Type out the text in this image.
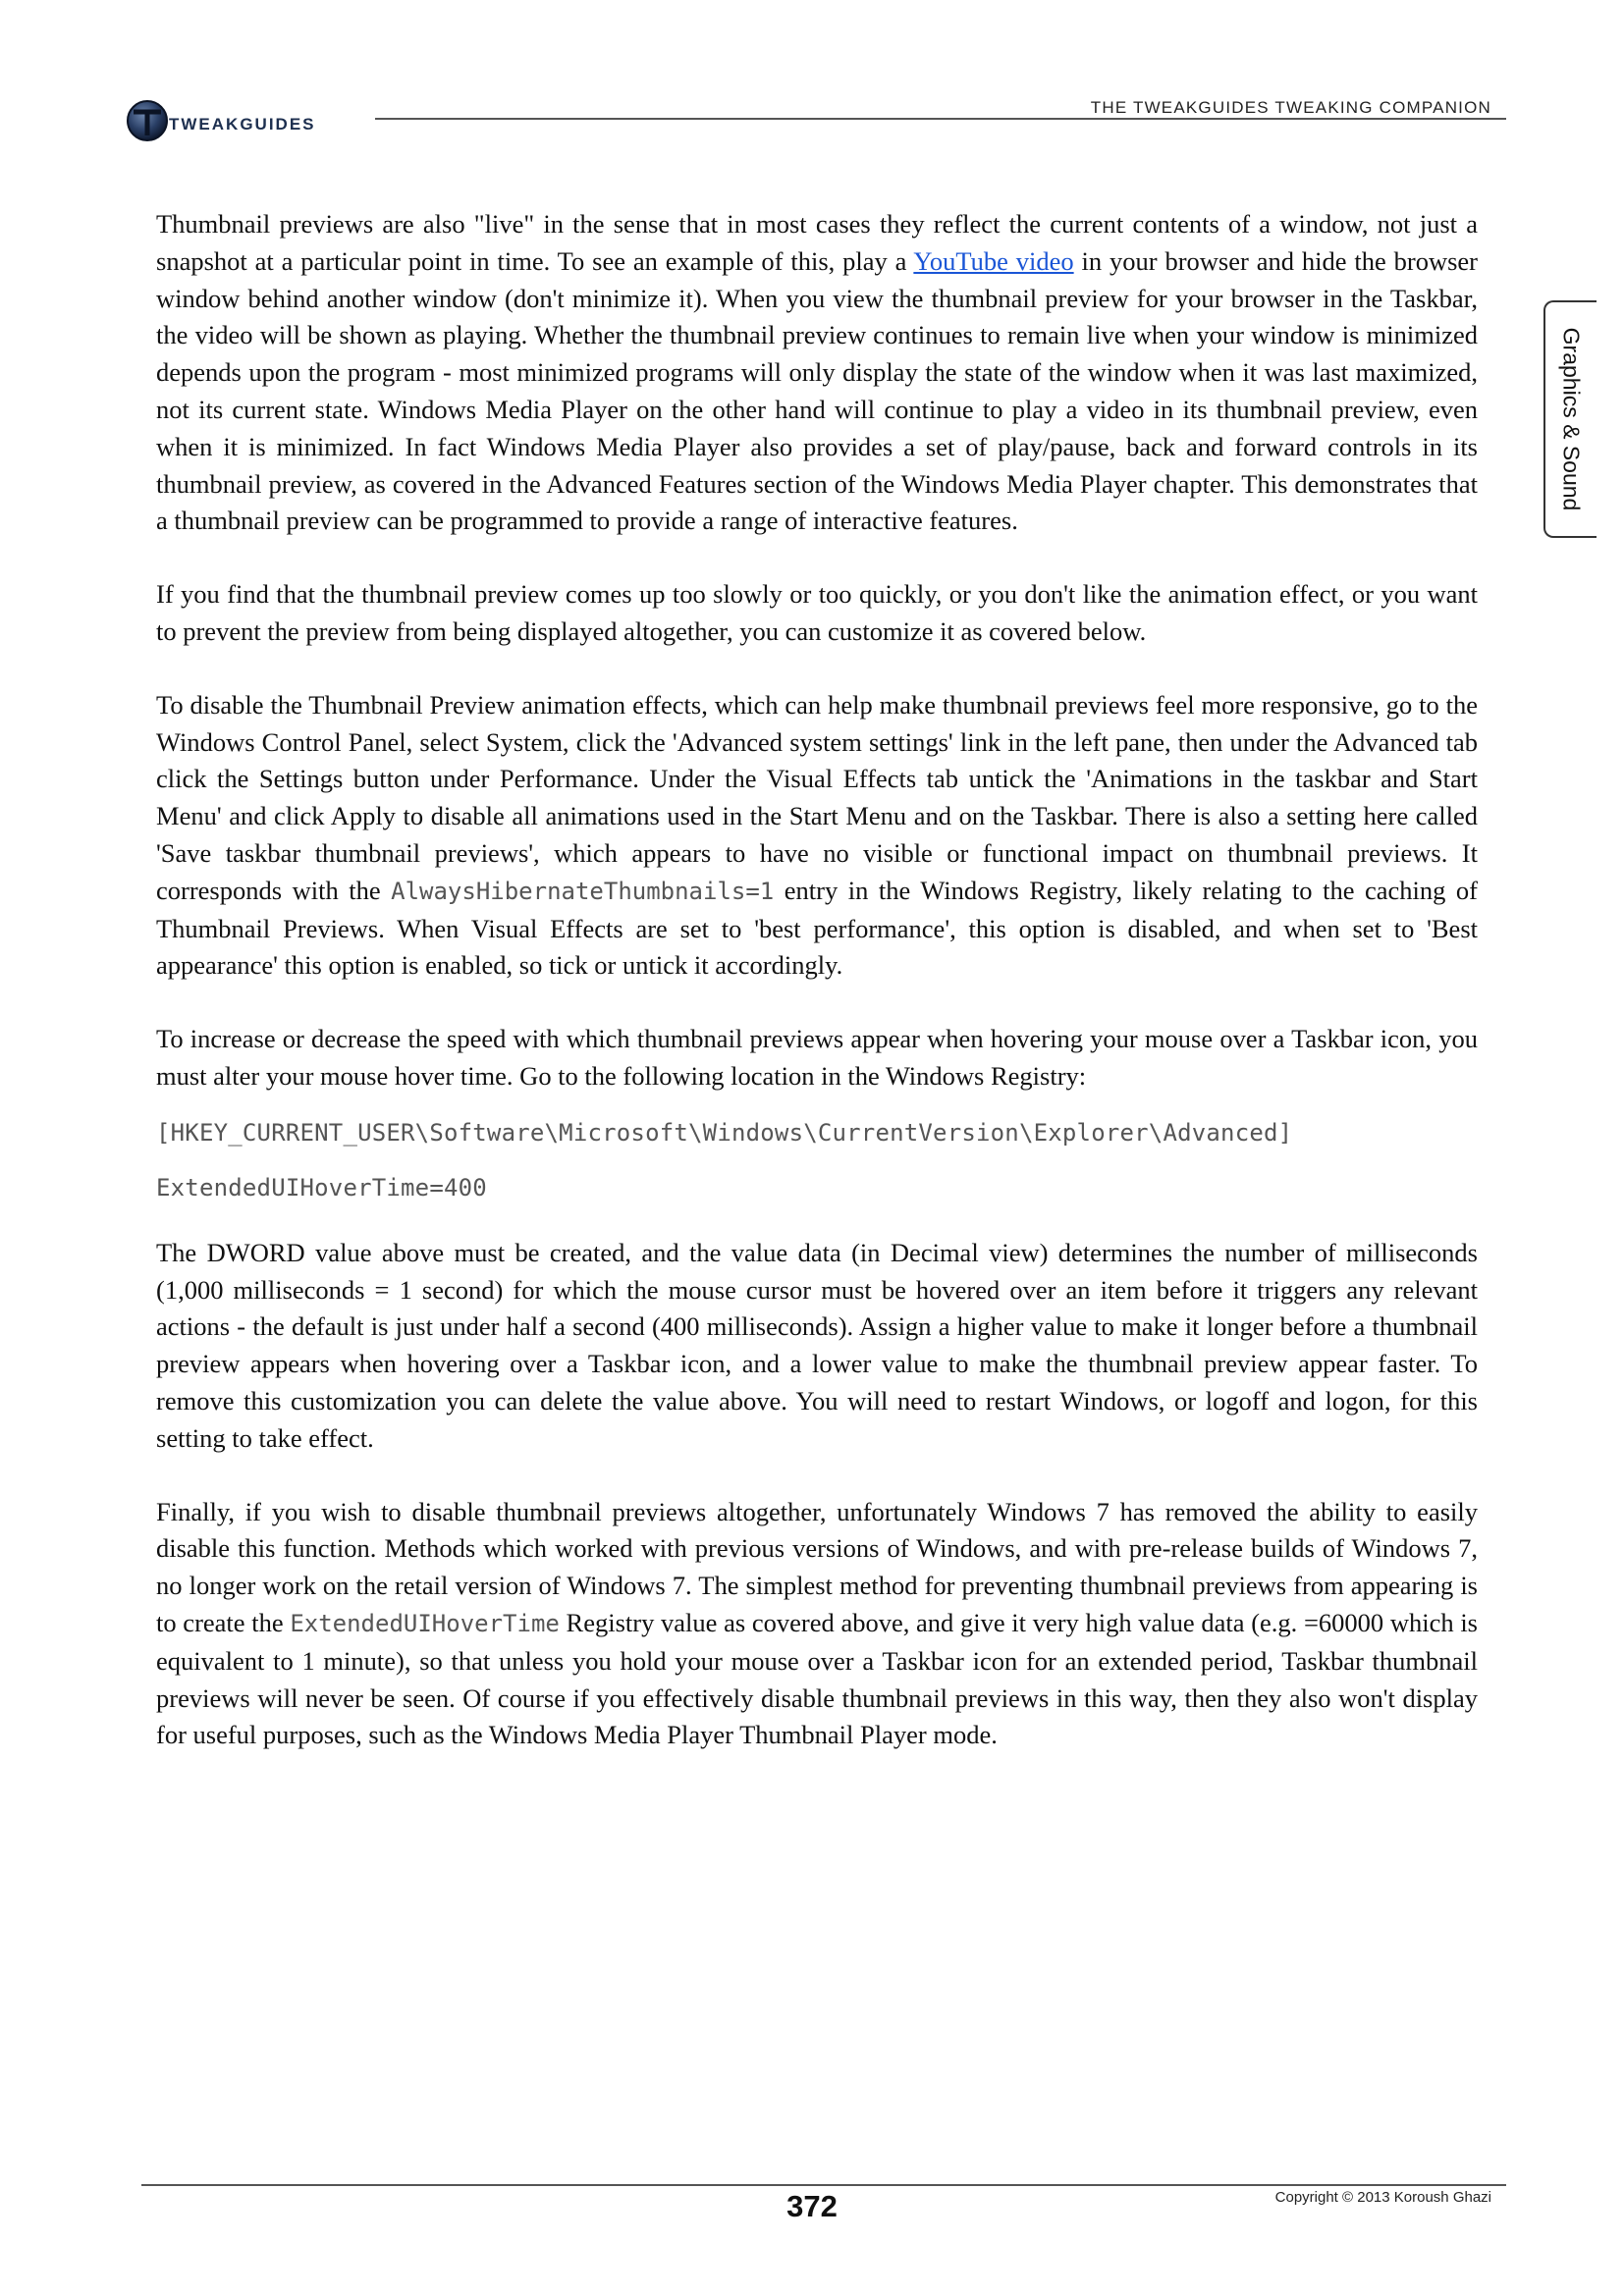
TWEAKGUIDES
THE TWEAKGUIDES TWEAKING COMPANION
Graphics & Sound

Thumbnail previews are also "live" in the sense that in most cases they reflect the current contents of a window, not just a snapshot at a particular point in time. To see an example of this, play a YouTube video in your browser and hide the browser window behind another window (don't minimize it). When you view the thumbnail preview for your browser in the Taskbar, the video will be shown as playing. Whether the thumbnail preview continues to remain live when your window is minimized depends upon the program - most minimized programs will only display the state of the window when it was last maximized, not its current state. Windows Media Player on the other hand will continue to play a video in its thumbnail preview, even when it is minimized. In fact Windows Media Player also provides a set of play/pause, back and forward controls in its thumbnail preview, as covered in the Advanced Features section of the Windows Media Player chapter. This demonstrates that a thumbnail preview can be programmed to provide a range of interactive features.

If you find that the thumbnail preview comes up too slowly or too quickly, or you don't like the animation effect, or you want to prevent the preview from being displayed altogether, you can customize it as covered below.

To disable the Thumbnail Preview animation effects, which can help make thumbnail previews feel more responsive, go to the Windows Control Panel, select System, click the 'Advanced system settings' link in the left pane, then under the Advanced tab click the Settings button under Performance. Under the Visual Effects tab untick the 'Animations in the taskbar and Start Menu' and click Apply to disable all animations used in the Start Menu and on the Taskbar. There is also a setting here called 'Save taskbar thumbnail previews', which appears to have no visible or functional impact on thumbnail previews. It corresponds with the AlwaysHibernateThumbnails=1 entry in the Windows Registry, likely relating to the caching of Thumbnail Previews. When Visual Effects are set to 'best performance', this option is disabled, and when set to 'Best appearance' this option is enabled, so tick or untick it accordingly.

To increase or decrease the speed with which thumbnail previews appear when hovering your mouse over a Taskbar icon, you must alter your mouse hover time. Go to the following location in the Windows Registry:

[HKEY_CURRENT_USER\Software\Microsoft\Windows\CurrentVersion\Explorer\Advanced]
ExtendedUIHoverTime=400

The DWORD value above must be created, and the value data (in Decimal view) determines the number of milliseconds (1,000 milliseconds = 1 second) for which the mouse cursor must be hovered over an item before it triggers any relevant actions - the default is just under half a second (400 milliseconds). Assign a higher value to make it longer before a thumbnail preview appears when hovering over a Taskbar icon, and a lower value to make the thumbnail preview appear faster. To remove this customization you can delete the value above. You will need to restart Windows, or logoff and logon, for this setting to take effect.

Finally, if you wish to disable thumbnail previews altogether, unfortunately Windows 7 has removed the ability to easily disable this function. Methods which worked with previous versions of Windows, and with pre-release builds of Windows 7, no longer work on the retail version of Windows 7. The simplest method for preventing thumbnail previews from appearing is to create the ExtendedUIHoverTime Registry value as covered above, and give it very high value data (e.g. =60000 which is equivalent to 1 minute), so that unless you hold your mouse over a Taskbar icon for an extended period, Taskbar thumbnail previews will never be seen. Of course if you effectively disable thumbnail previews in this way, then they also won't display for useful purposes, such as the Windows Media Player Thumbnail Player mode.

372	Copyright © 2013 Koroush Ghazi
